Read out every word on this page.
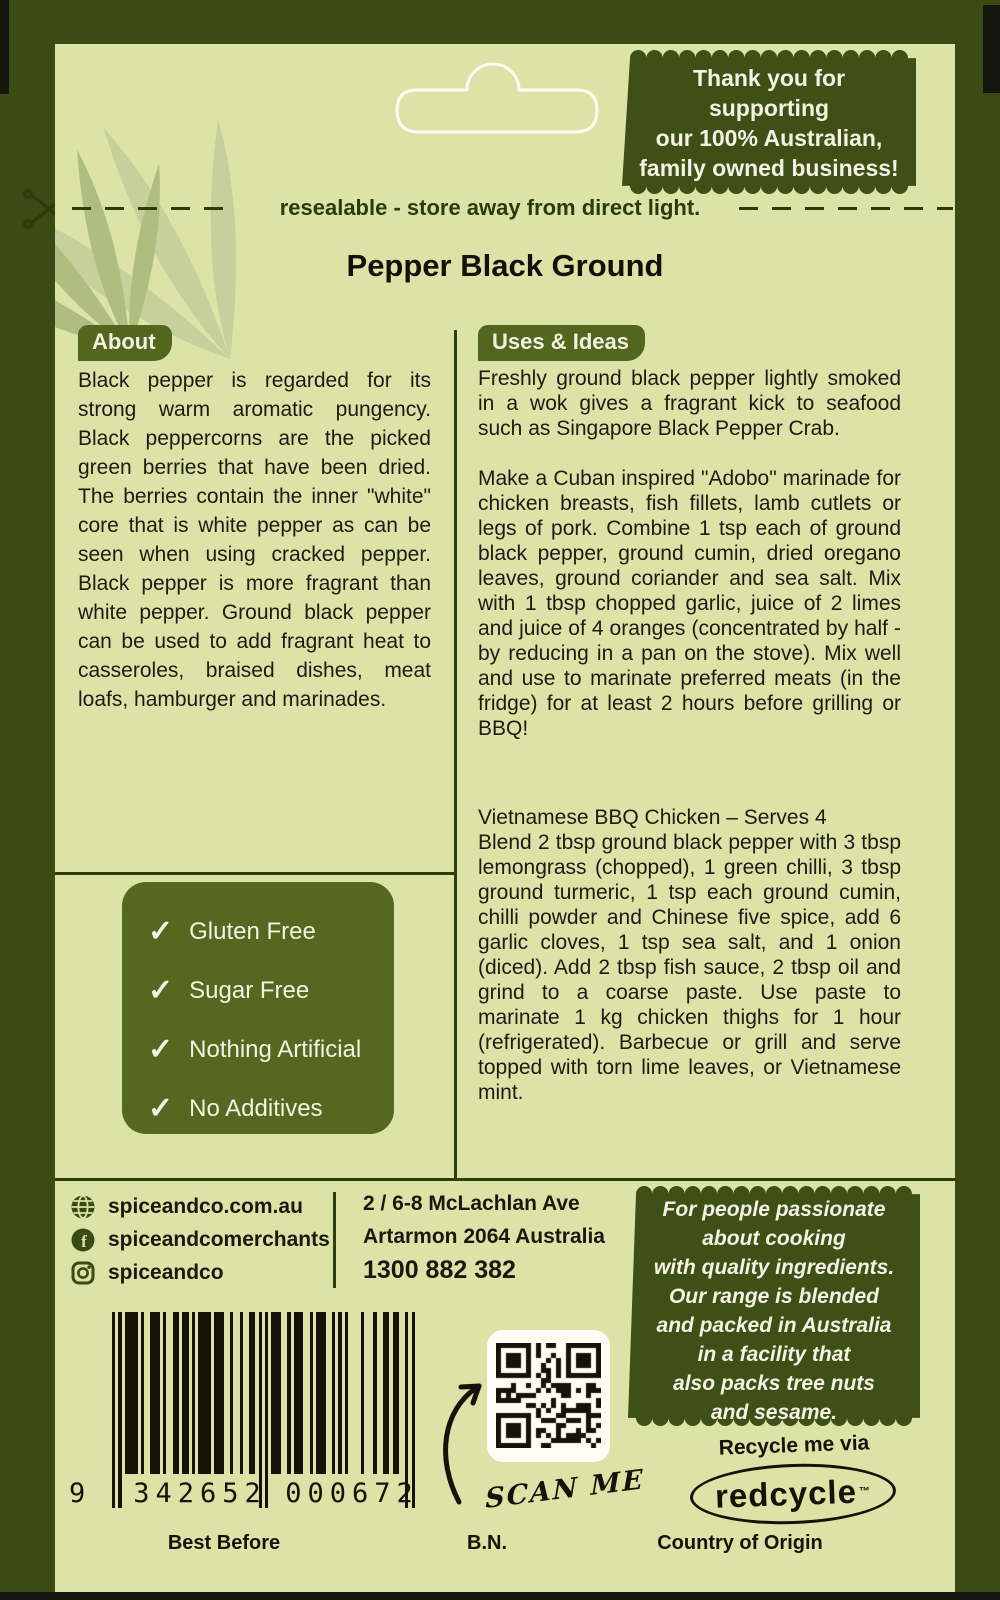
Thank you for
supporting
our 100% Australian,
family owned business!
resealable - store away from direct light.
Pepper Black Ground
About
Black pepper is regarded for its strong warm aromatic pungency. Black peppercorns are the picked green berries that have been dried. The berries contain the inner "white" core that is white pepper as can be seen when using cracked pepper. Black pepper is more fragrant than white pepper. Ground black pepper can be used to add fragrant heat to casseroles, braised dishes, meat loafs, hamburger and marinades.
✓ Gluten Free
✓ Sugar Free
✓ Nothing Artificial
✓ No Additives
Uses & Ideas

Freshly ground black pepper lightly smoked in a wok gives a fragrant kick to seafood such as Singapore Black Pepper Crab.

Make a Cuban inspired "Adobo" marinade for chicken breasts, fish fillets, lamb cutlets or legs of pork. Combine 1 tsp each of ground black pepper, ground cumin, dried oregano leaves, ground coriander and sea salt. Mix with 1 tbsp chopped garlic, juice of 2 limes and juice of 4 oranges (concentrated by half - by reducing in a pan on the stove). Mix well and use to marinate preferred meats (in the fridge) for at least 2 hours before grilling or BBQ!

Vietnamese BBQ Chicken – Serves 4

Blend 2 tbsp ground black pepper with 3 tbsp lemongrass (chopped), 1 green chilli, 3 tbsp ground turmeric, 1 tsp each ground cumin, chilli powder and Chinese five spice, add 6 garlic cloves, 1 tsp sea salt, and 1 onion (diced). Add 2 tbsp fish sauce, 2 tbsp oil and grind to a coarse paste. Use paste to marinate 1 kg chicken thighs for 1 hour (refrigerated). Barbecue or grill and serve topped with torn lime leaves, or Vietnamese mint.

spiceandco.com.au
f spiceandcomerchants
spiceandco
2 / 6-8 McLachlan Ave
Artarmon 2064 Australia
1300 882 382
For people passionate
about cooking
with quality ingredients.
Our range is blended
and packed in Australia
in a facility that
also packs tree nuts
and sesame.
9	342652 000672	SCAN ME
Recycle me via
redcycle ™
Best Before	B.N.	Country of Origin
